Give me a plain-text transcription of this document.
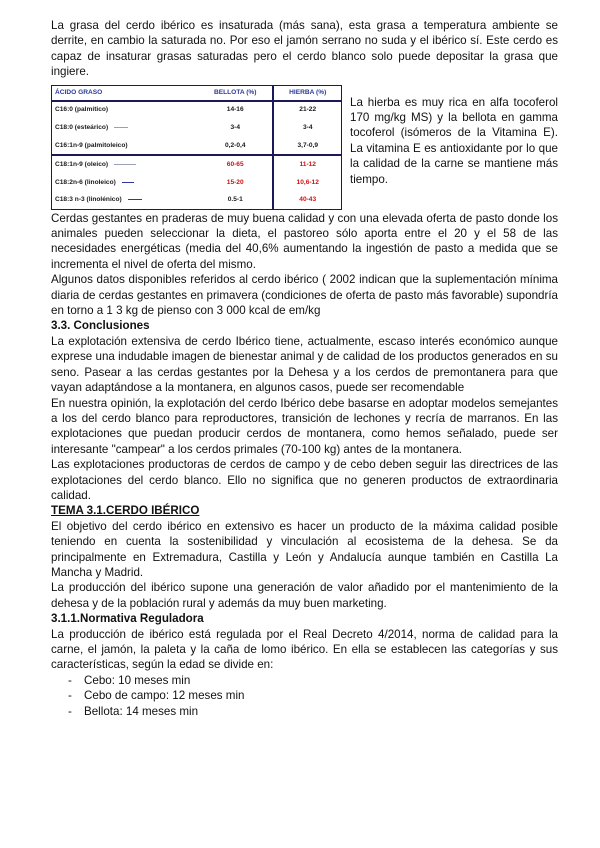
La grasa del cerdo ibérico es insaturada (más sana), esta grasa a temperatura ambiente se derrite, en cambio la saturada no. Por eso el jamón serrano no suda y el ibérico sí. Este cerdo es capaz de insaturar grasas saturadas pero el cerdo blanco solo puede depositar la grasa que ingiere.

ÁCIDO GRASO	BELLOTA (%)	HIERBA (%)
C16:0 (palmítico)	14-16	21-22
C18:0 (esteárico)	3-4	3-4
C16:1n-9 (palmitoleico)	0,2-0,4	3,7-0,9
C18:1n-9 (oleico)	60-65	11-12
C18:2n-6 (linoleico)	15-20	10,6-12
C18:3 n-3 (linolénico)	0.5-1	40-43

La hierba es muy rica en alfa tocoferol 170 mg/kg MS) y la bellota en gamma tocoferol (isómeros de la Vitamina E). La vitamina E es antioxidante por lo que la calidad de la carne se mantiene más tiempo.

Cerdas gestantes en praderas de muy buena calidad y con una elevada oferta de pasto donde los animales pueden seleccionar la dieta, el pastoreo sólo aporta entre el 20 y el 58 de las necesidades energéticas (media del 40,6% aumentando la ingestión de pasto a medida que se incrementa el nivel de oferta del mismo.

Algunos datos disponibles referidos al cerdo ibérico ( 2002 indican que la suplementación mínima diaria de cerdas gestantes en primavera (condiciones de oferta de pasto más favorable) supondría en torno a 1 3 kg de pienso con 3 000 kcal de em/kg

3.3. Conclusiones

La explotación extensiva de cerdo Ibérico tiene, actualmente, escaso interés económico aunque exprese una indudable imagen de bienestar animal y de calidad de los productos generados en su seno. Pasear a las cerdas gestantes por la Dehesa y a los cerdos de premontanera para que vayan adaptándose a la montanera, en algunos casos, puede ser recomendable

En nuestra opinión, la explotación del cerdo Ibérico debe basarse en adoptar modelos semejantes a los del cerdo blanco para reproductores, transición de lechones y recría de marranos. En las explotaciones que puedan producir cerdos de montanera, como hemos señalado, puede ser interesante "campear" a los cerdos primales (70-100 kg) antes de la montanera.

Las explotaciones productoras de cerdos de campo y de cebo deben seguir las directrices de las explotaciones del cerdo blanco. Ello no significa que no generen productos de extraordinaria calidad.

TEMA 3.1.CERDO IBÉRICO

El objetivo del cerdo ibérico en extensivo es hacer un producto de la máxima calidad posible teniendo en cuenta la sostenibilidad y vinculación al ecosistema de la dehesa. Se da principalmente en Extremadura, Castilla y León y Andalucía aunque también en Castilla La Mancha y Madrid.

La producción del ibérico supone una generación de valor añadido por el mantenimiento de la dehesa y de la población rural y además da muy buen marketing.

3.1.1.Normativa Reguladora

La producción de ibérico está regulada por el Real Decreto 4/2014, norma de calidad para la carne, el jamón, la paleta y la caña de lomo ibérico. En ella se establecen las categorías y sus características, según la edad se divide en:

- Cebo: 10 meses min
- Cebo de campo: 12 meses min
- Bellota: 14 meses min
